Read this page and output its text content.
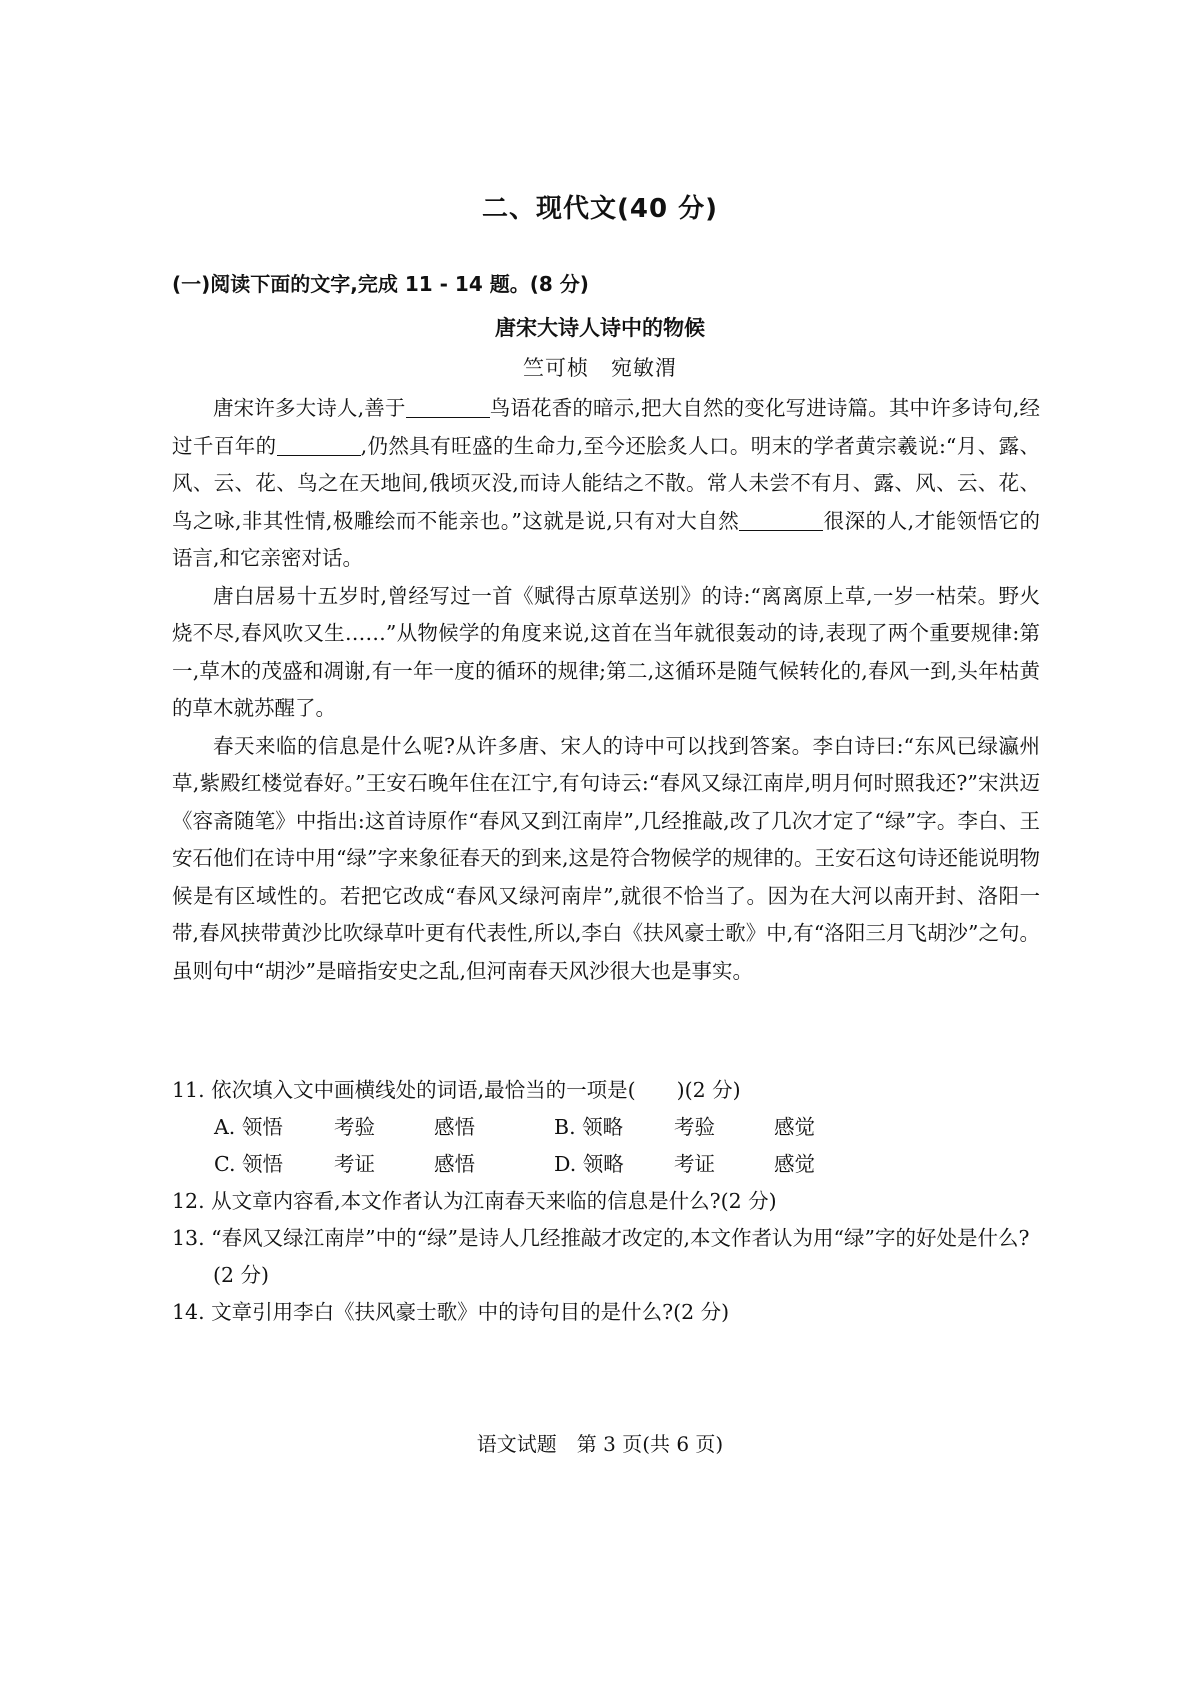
二、现代文(40 分)
(一)阅读下面的文字,完成 11 - 14 题。(8 分)
唐宋大诗人诗中的物候
竺可桢　宛敏渭

唐宋许多大诗人,善于	鸟语花香的暗示,把大自然的变化写进诗篇。其中许多诗句,经过千百年的	,仍然具有旺盛的生命力,至今还脍炙人口。明末的学者黄宗羲说:“月、露、风、云、花、鸟之在天地间,俄顷灭没,而诗人能结之不散。常人未尝不有月、露、风、云、花、鸟之咏,非其性情,极雕绘而不能亲也。”这就是说,只有对大自然	很深的人,才能领悟它的语言,和它亲密对话。

唐白居易十五岁时,曾经写过一首《赋得古原草送别》的诗:“离离原上草,一岁一枯荣。野火烧不尽,春风吹又生……”从物候学的角度来说,这首在当年就很轰动的诗,表现了两个重要规律:第一,草木的茂盛和凋谢,有一年一度的循环的规律;第二,这循环是随气候转化的,春风一到,头年枯黄的草木就苏醒了。

春天来临的信息是什么呢?从许多唐、宋人的诗中可以找到答案。李白诗曰:“东风已绿瀛州草,紫殿红楼觉春好。”王安石晚年住在江宁,有句诗云:“春风又绿江南岸,明月何时照我还?”宋洪迈《容斋随笔》中指出:这首诗原作“春风又到江南岸”,几经推敲,改了几次才定了“绿”字。李白、王安石他们在诗中用“绿”字来象征春天的到来,这是符合物候学的规律的。王安石这句诗还能说明物候是有区域性的。若把它改成“春风又绿河南岸”,就很不恰当了。因为在大河以南开封、洛阳一带,春风挟带黄沙比吹绿草叶更有代表性,所以,李白《扶风豪士歌》中,有“洛阳三月飞胡沙”之句。虽则句中“胡沙”是暗指安史之乱,但河南春天风沙很大也是事实。

11. 依次填入文中画横线处的词语,最恰当的一项是(　　)(2 分)

A. 领悟	考验	感悟	B. 领略	考验	感觉
C. 领悟	考证	感悟	D. 领略	考证	感觉

12. 从文章内容看,本文作者认为江南春天来临的信息是什么?(2 分)

13. “春风又绿江南岸”中的“绿”是诗人几经推敲才改定的,本文作者认为用“绿”字的好处是什么?(2 分)

14. 文章引用李白《扶风豪士歌》中的诗句目的是什么?(2 分)

语文试题　第 3 页(共 6 页)
